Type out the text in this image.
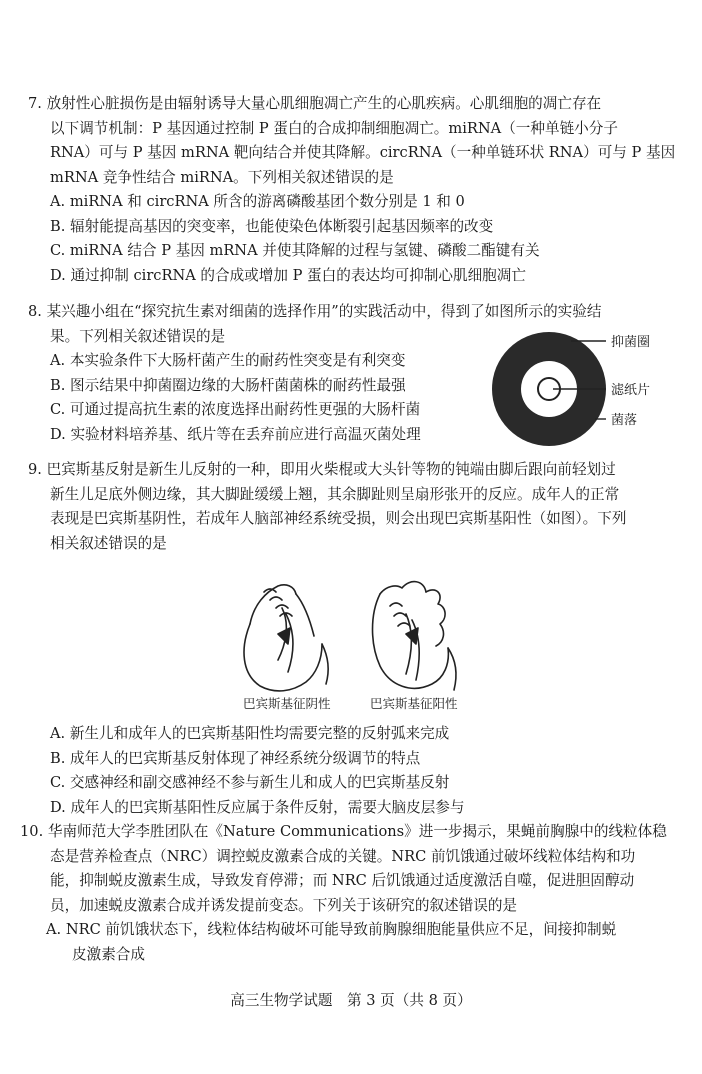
7. 放射性心脏损伤是由辐射诱导大量心肌细胞凋亡产生的心肌疾病。心肌细胞的凋亡存在
以下调节机制：P 基因通过控制 P 蛋白的合成抑制细胞凋亡。miRNA（一种单链小分子
RNA）可与 P 基因 mRNA 靶向结合并使其降解。circRNA（一种单链环状 RNA）可与 P 基因
mRNA 竞争性结合 miRNA。下列相关叙述错误的是
A. miRNA 和 circRNA 所含的游离磷酸基团个数分别是 1 和 0
B. 辐射能提高基因的突变率，也能使染色体断裂引起基因频率的改变
C. miRNA 结合 P 基因 mRNA 并使其降解的过程与氢键、磷酸二酯键有关
D. 通过抑制 circRNA 的合成或增加 P 蛋白的表达均可抑制心肌细胞凋亡
8. 某兴趣小组在“探究抗生素对细菌的选择作用”的实践活动中，得到了如图所示的实验结
果。下列相关叙述错误的是
A. 本实验条件下大肠杆菌产生的耐药性突变是有利突变
B. 图示结果中抑菌圈边缘的大肠杆菌菌株的耐药性最强
C. 可通过提高抗生素的浓度选择出耐药性更强的大肠杆菌
D. 实验材料培养基、纸片等在丢弃前应进行高温灭菌处理
抑菌圈
滤纸片
菌落
9. 巴宾斯基反射是新生儿反射的一种，即用火柴棍或大头针等物的钝端由脚后跟向前轻划过
新生儿足底外侧边缘，其大脚趾缓缓上翘，其余脚趾则呈扇形张开的反应。成年人的正常
表现是巴宾斯基阴性，若成年人脑部神经系统受损，则会出现巴宾斯基阳性（如图）。下列
相关叙述错误的是
巴宾斯基征阴性	巴宾斯基征阳性
A. 新生儿和成年人的巴宾斯基阳性均需要完整的反射弧来完成
B. 成年人的巴宾斯基反射体现了神经系统分级调节的特点
C. 交感神经和副交感神经不参与新生儿和成人的巴宾斯基反射
D. 成年人的巴宾斯基阳性反应属于条件反射，需要大脑皮层参与
10. 华南师范大学李胜团队在《Nature Communications》进一步揭示，果蝇前胸腺中的线粒体稳
态是营养检查点（NRC）调控蜕皮激素合成的关键。NRC 前饥饿通过破坏线粒体结构和功
能，抑制蜕皮激素生成，导致发育停滞；而 NRC 后饥饿通过适度激活自噬，促进胆固醇动
员，加速蜕皮激素合成并诱发提前变态。下列关于该研究的叙述错误的是
A. NRC 前饥饿状态下，线粒体结构破坏可能导致前胸腺细胞能量供应不足，间接抑制蜕
皮激素合成
高三生物学试题　第 3 页（共 8 页）
